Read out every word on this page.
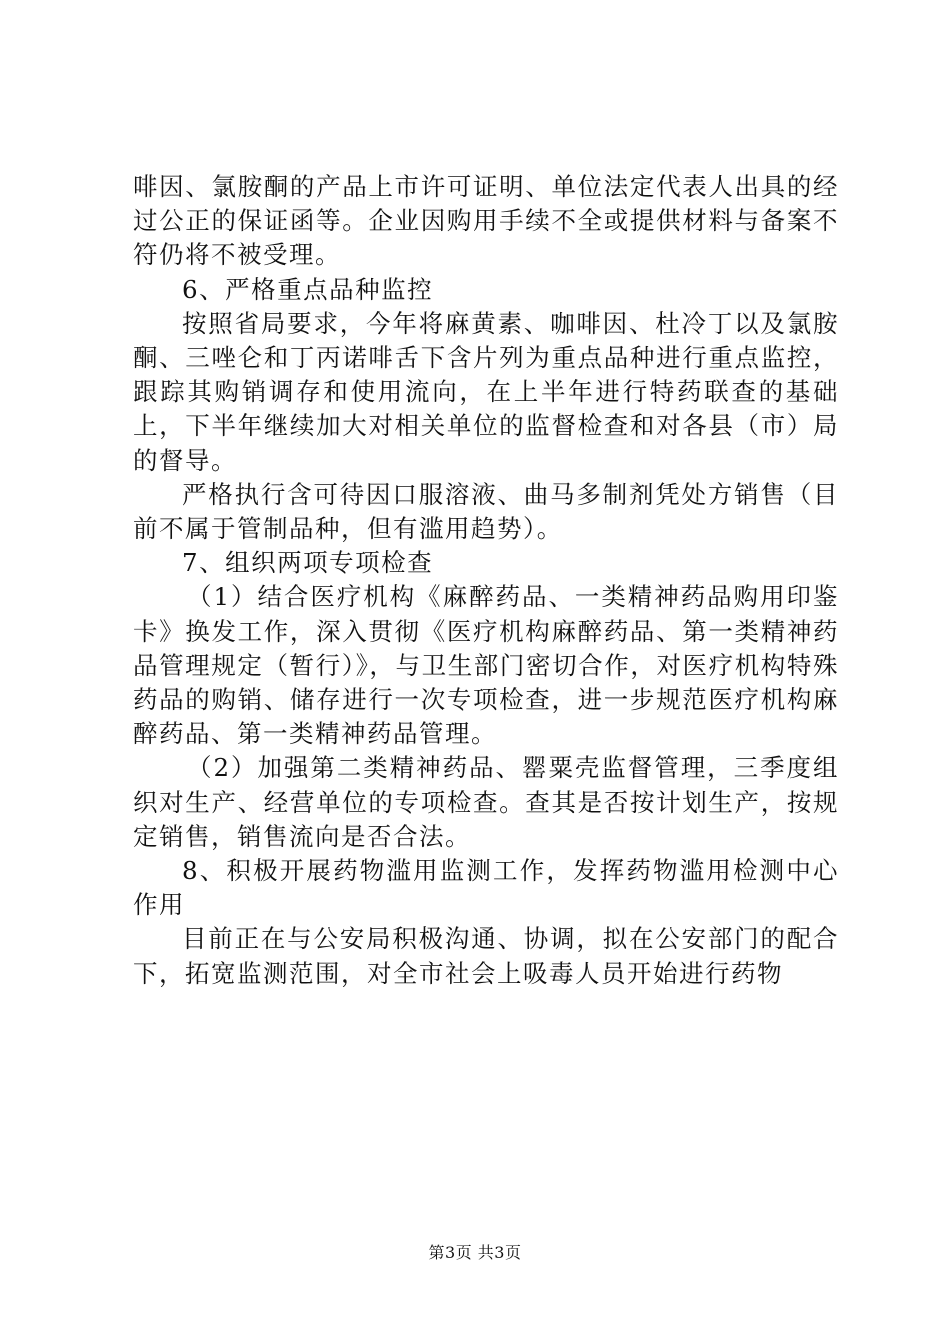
啡因、氯胺酮的产品上市许可证明、单位法定代表人出具的经过公正的保证函等。企业因购用手续不全或提供材料与备案不符仍将不被受理。

6、严格重点品种监控

按照省局要求，今年将麻黄素、咖啡因、杜冷丁以及氯胺酮、三唑仑和丁丙诺啡舌下含片列为重点品种进行重点监控，跟踪其购销调存和使用流向，在上半年进行特药联查的基础上，下半年继续加大对相关单位的监督检查和对各县（市）局的督导。

严格执行含可待因口服溶液、曲马多制剂凭处方销售（目前不属于管制品种，但有滥用趋势）。

7、组织两项专项检查

（1）结合医疗机构《麻醉药品、一类精神药品购用印鉴卡》换发工作，深入贯彻《医疗机构麻醉药品、第一类精神药品管理规定（暂行）》，与卫生部门密切合作，对医疗机构特殊药品的购销、储存进行一次专项检查，进一步规范医疗机构麻醉药品、第一类精神药品管理。

（2）加强第二类精神药品、罂粟壳监督管理，三季度组织对生产、经营单位的专项检查。查其是否按计划生产，按规定销售，销售流向是否合法。

8、积极开展药物滥用监测工作，发挥药物滥用检测中心作用

目前正在与公安局积极沟通、协调，拟在公安部门的配合下，拓宽监测范围，对全市社会上吸毒人员开始进行药物

第3页 共3页
